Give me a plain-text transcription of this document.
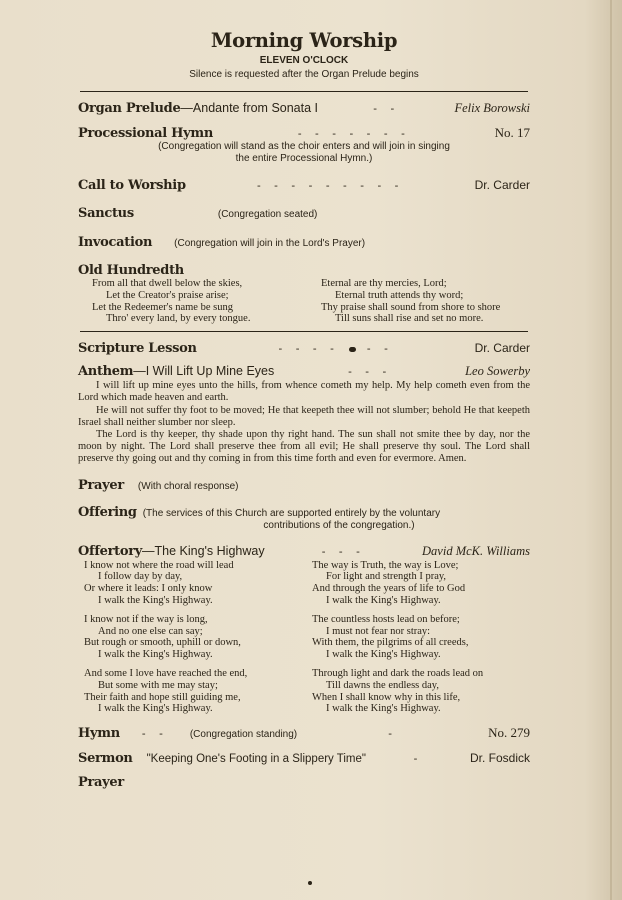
Morning Worship
ELEVEN O'CLOCK
Silence is requested after the Organ Prelude begins
Organ Prelude —Andante from Sonata I	- -	Felix Borowski
Processional Hymn	- - - - - - -	No. 17
(Congregation will stand as the choir enters and will join in singing
the entire Processional Hymn.)
Call to Worship	- - - - - - - - -	Dr. Carder
Sanctus	(Congregation seated)
Invocation (Congregation will join in the Lord's Prayer)
Old Hundredth

From all that dwell below the skies,

Let the Creator's praise arise;

Let the Redeemer's name be sung

Thro' every land, by every tongue.

Eternal are thy mercies, Lord;

Eternal truth attends thy word;

Thy praise shall sound from shore to shore

Till suns shall rise and set no more.

Scripture Lesson	- - - -  - -	Dr. Carder
Anthem —I Will Lift Up Mine Eyes	- - -	Leo Sowerby

I will lift up mine eyes unto the hills, from whence cometh my help. My help cometh even from the Lord which made heaven and earth.

He will not suffer thy foot to be moved; He that keepeth thee will not slumber; behold He that keepeth Israel shall neither slumber nor sleep.

The Lord is thy keeper, thy shade upon thy right hand. The sun shall not smite thee by day, nor the moon by night. The Lord shall preserve thee from all evil; He shall preserve thy soul. The Lord shall preserve thy going out and thy coming in from this time forth and even for evermore. Amen.

Prayer (With choral response)
Offering (The services of this Church are supported entirely by the voluntary
contributions of the congregation.)
Offertory —The King's Highway	- - -	David McK. Williams

I know not where the road will lead

I follow day by day,

Or where it leads: I only know

I walk the King's Highway.

I know not if the way is long,

And no one else can say;

But rough or smooth, uphill or down,

I walk the King's Highway.

And some I love have reached the end,

But some with me may stay;

Their faith and hope still guiding me,

I walk the King's Highway.

The way is Truth, the way is Love;

For light and strength I pray,

And through the years of life to God

I walk the King's Highway.

The countless hosts lead on before;

I must not fear nor stray:

With them, the pilgrims of all creeds,

I walk the King's Highway.

Through light and dark the roads lead on

Till dawns the endless day,

When I shall know why in this life,

I walk the King's Highway.

Hymn	- -	(Congregation standing)	-	No. 279
Sermon "Keeping One's Footing in a Slippery Time"	-	Dr. Fosdick
Prayer
